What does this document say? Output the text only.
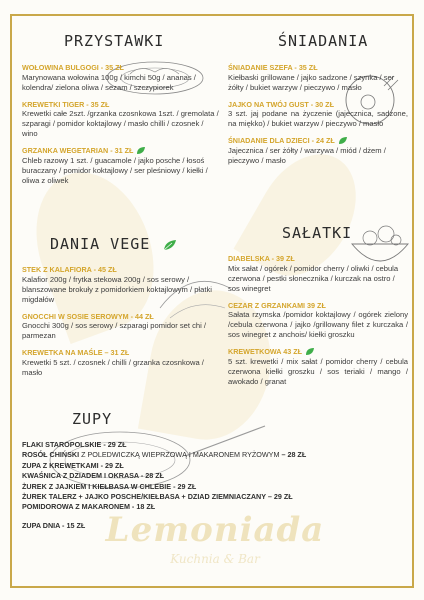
Lemoniada
Kuchnia & Bar
PRZYSTAWKI	ŚNIADANIA
DANIA VEGE
SAŁATKI
ZUPY
WOŁOWINA BULGOGI - 35 ZŁ
Marynowana wołowina 100g / kimchi 50g / ananas / kolendra/ zielona oliwa / sezam / szczypiorek
KREWETKI TIGER - 35 ZŁ
Krewetki całe 2szt. /grzanka czosnkowa 1szt. / gremolata / szparagi / pomidor koktajlowy / masło chilli / czosnek / wino
GRZANKA WEGETARIAN - 31 ZŁ
Chleb razowy 1 szt. / guacamole / jajko posche / łosoś buraczany / pomidor koktajlowy / ser pleśniowy / kiełki / oliwa z oliwek
ŚNIADANIE SZEFA - 35 ZŁ
Kiełbaski grillowane / jajko sadzone / szynka / ser żółty / bukiet warzyw / pieczywo / masło
JAJKO NA TWÓJ GUST - 30 ZŁ
3 szt. jaj podane na życzenie (jajecznica, sadzone, na miękko) / bukiet warzyw / pieczywo / masło
ŚNIADANIE DLA DZIECI - 24 ZŁ
Jajecznica / ser żółty / warzywa / miód / dżem / pieczywo / masło
STEK Z KALAFIORA - 45 ZŁ
Kalafior 200g / frytka stekowa 200g / sos serowy / blanszowane brokuły z pomidorkiem koktajlowym / płatki migdałów
GNOCCHI W SOSIE SEROWYM - 44 ZŁ
Gnocchi 300g / sos serowy / szparagi pomidor set chi / parmezan
KREWETKA NA MAŚLE – 31 ZŁ
Krewetki 5 szt. / czosnek / chilli / grzanka czosnkowa / masło
DIABELSKA - 39 ZŁ
Mix sałat / ogórek / pomidor cherry / oliwki / cebula czerwona / pestki słonecznika / kurczak na ostro / sos winegret
CEZAR Z GRZANKAMI 39 ZŁ
Sałata rzymska /pomidor koktajlowy / ogórek zielony /cebula czerwona / jajko /grillowany filet z kurczaka / sos winegret z anchois/ kiełki groszku
KREWETKOWA 43 ZŁ
5 szt. krewetki / mix sałat / pomidor cherry / cebula czerwona kiełki groszku / sos teriaki / mango / awokado / granat
FLAKI STAROPOLSKIE - 29 ZŁ
ROSÓŁ CHIŃSKI Z POLEDWICZKĄ WIEPRZOWĄ I MAKARONEM RYŻOWYM – 28 ZŁ
ZUPA Z KREWETKAMI - 29 ZŁ
KWAŚNICA Z DZIADEM I OKRASA - 28 ZŁ
ŻUREK Z JAJKIEM I KIEŁBASA W CHLEBIE - 29 ZŁ
ŻUREK TALERZ + JAJKO POSCHE/KIEŁBASA + DZIAD ZIEMNIACZANY – 29 ZŁ
POMIDOROWA Z MAKARONEM - 18 ZŁ
ZUPA DNIA - 15 ZŁ
